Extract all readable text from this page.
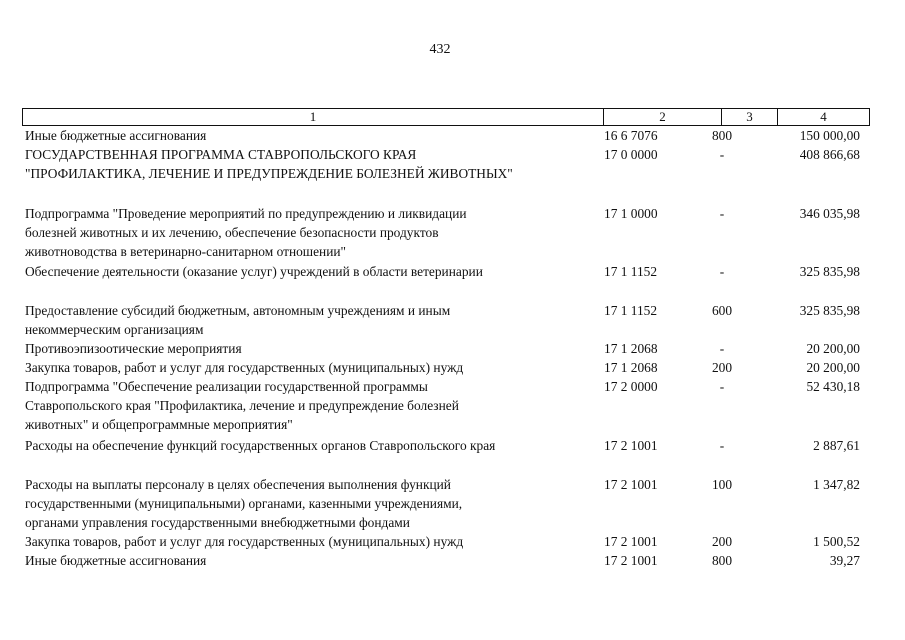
432
1	2	3	4
Иные бюджетные ассигнования	16 6 7076	800	150 000,00
ГОСУДАРСТВЕННАЯ ПРОГРАММА СТАВРОПОЛЬСКОГО КРАЯ
"ПРОФИЛАКТИКА, ЛЕЧЕНИЕ И ПРЕДУПРЕЖДЕНИЕ БОЛЕЗНЕЙ ЖИВОТНЫХ"
17 0 0000	-	408 866,68
Подпрограмма "Проведение мероприятий по предупреждению и ликвидации
болезней животных и их лечению, обеспечение безопасности продуктов
животноводства в ветеринарно-санитарном отношении"
17 1 0000	-	346 035,98
Обеспечение деятельности (оказание услуг) учреждений в области ветеринарии	17 1 1152	-	325 835,98
Предоставление субсидий бюджетным, автономным учреждениям и иным
некоммерческим организациям
17 1 1152	600	325 835,98
Противоэпизоотические мероприятия	17 1 2068	-	20 200,00
Закупка товаров, работ и услуг для государственных (муниципальных) нужд	17 1 2068	200	20 200,00
Подпрограмма "Обеспечение реализации государственной программы
Ставропольского края "Профилактика, лечение и предупреждение болезней
животных" и общепрограммные мероприятия"
17 2 0000	-	52 430,18
Расходы на обеспечение функций государственных органов Ставропольского края	17 2 1001	-	2 887,61
Расходы на выплаты персоналу в целях обеспечения выполнения функций
государственными (муниципальными) органами, казенными учреждениями,
органами управления государственными внебюджетными фондами
17 2 1001	100	1 347,82
Закупка товаров, работ и услуг для государственных (муниципальных) нужд	17 2 1001	200	1 500,52
Иные бюджетные ассигнования	17 2 1001	800	39,27
